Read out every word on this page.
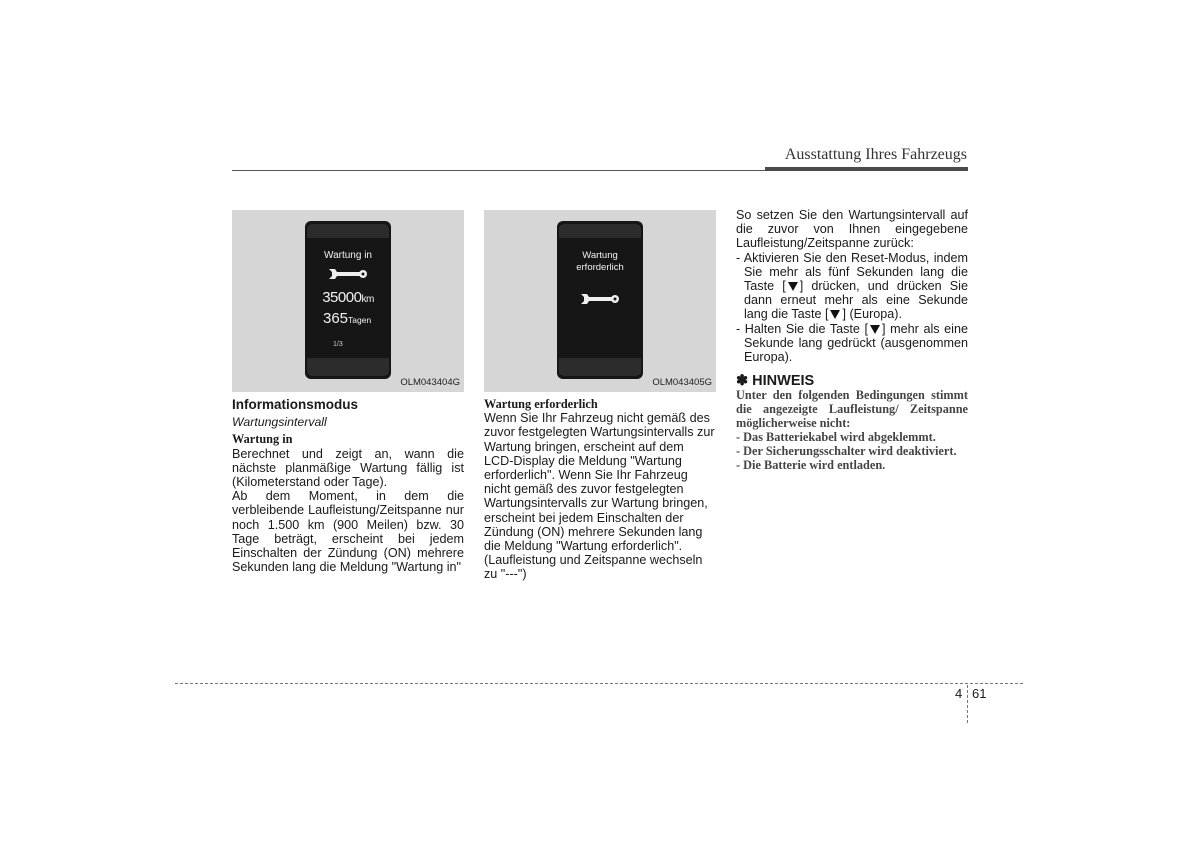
Ausstattung Ihres Fahrzeugs
Wartung in
35000km
365Tagen
1/3
OLM043404G
Informationsmodus
Wartungsintervall
Wartung in

Berechnet und zeigt an, wann die nächste planmäßige Wartung fällig ist (Kilometerstand oder Tage).

Ab dem Moment, in dem die verbleibende Laufleistung/Zeitspanne nur noch 1.500 km (900 Meilen) bzw. 30 Tage beträgt, erscheint bei jedem Einschalten der Zündung (ON) mehrere Sekunden lang die Meldung "Wartung in"

Wartung
erforderlich
OLM043405G
Wartung erforderlich

Wenn Sie Ihr Fahrzeug nicht gemäß des zuvor festgelegten Wartungsintervalls zur Wartung bringen, erscheint auf dem LCD-Display die Meldung "Wartung erforderlich". Wenn Sie Ihr Fahrzeug nicht gemäß des zuvor festgelegten Wartungsintervalls zur Wartung bringen, erscheint bei jedem Einschalten der Zündung (ON) mehrere Sekunden lang die Meldung "Wartung erforderlich". (Laufleistung und Zeitspanne wechseln zu "---")

So setzen Sie den Wartungsintervall auf die zuvor von Ihnen eingegebene Laufleistung/Zeitspanne zurück:

- Aktivieren Sie den Reset-Modus, indem Sie mehr als fünf Sekunden lang die Taste [ ] drücken, und drücken Sie dann erneut mehr als eine Sekunde lang die Taste [ ] (Europa).

- Halten Sie die Taste [ ] mehr als eine Sekunde lang gedrückt (ausgenommen Europa).

✽ HINWEIS
Unter den folgenden Bedingungen stimmt die angezeigte Laufleistung/ Zeitspanne möglicherweise nicht:
- Das Batteriekabel wird abgeklemmt.
- Der Sicherungsschalter wird deaktiviert.
- Die Batterie wird entladen.
4 61
